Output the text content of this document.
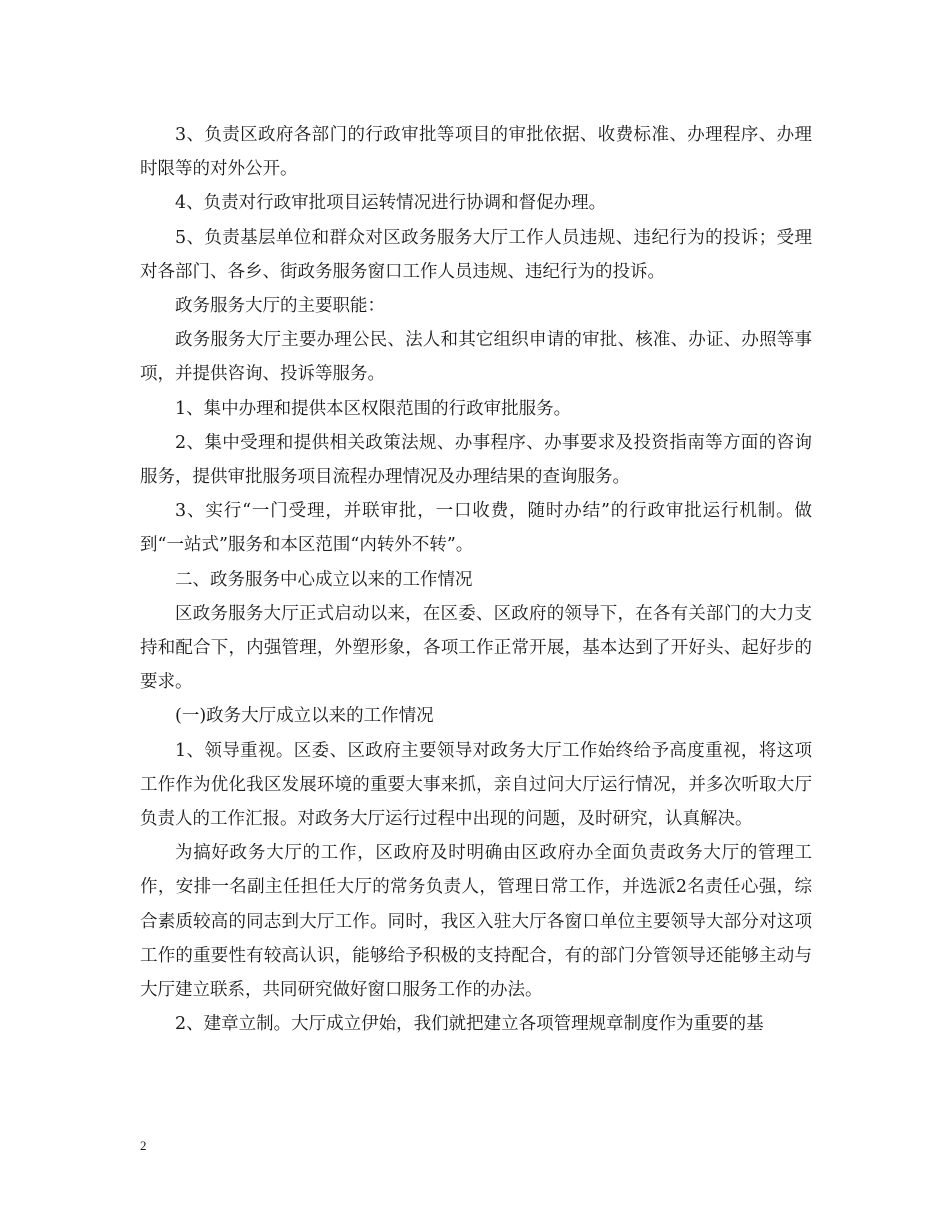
3、负责区政府各部门的行政审批等项目的审批依据、收费标准、办理程序、办理时限等的对外公开。

4、负责对行政审批项目运转情况进行协调和督促办理。

5、负责基层单位和群众对区政务服务大厅工作人员违规、违纪行为的投诉；受理对各部门、各乡、街政务服务窗口工作人员违规、违纪行为的投诉。

政务服务大厅的主要职能：

政务服务大厅主要办理公民、法人和其它组织申请的审批、核准、办证、办照等事项，并提供咨询、投诉等服务。

1、集中办理和提供本区权限范围的行政审批服务。

2、集中受理和提供相关政策法规、办事程序、办事要求及投资指南等方面的咨询服务，提供审批服务项目流程办理情况及办理结果的查询服务。

3、实行“一门受理，并联审批，一口收费，随时办结”的行政审批运行机制。做到“一站式”服务和本区范围“内转外不转”。

二、政务服务中心成立以来的工作情况

区政务服务大厅正式启动以来，在区委、区政府的领导下，在各有关部门的大力支持和配合下，内强管理，外塑形象，各项工作正常开展，基本达到了开好头、起好步的要求。

(一)政务大厅成立以来的工作情况

1、领导重视。区委、区政府主要领导对政务大厅工作始终给予高度重视，将这项工作作为优化我区发展环境的重要大事来抓，亲自过问大厅运行情况，并多次听取大厅负责人的工作汇报。对政务大厅运行过程中出现的问题，及时研究，认真解决。

为搞好政务大厅的工作，区政府及时明确由区政府办全面负责政务大厅的管理工作，安排一名副主任担任大厅的常务负责人，管理日常工作，并选派2名责任心强，综合素质较高的同志到大厅工作。同时，我区入驻大厅各窗口单位主要领导大部分对这项工作的重要性有较高认识，能够给予积极的支持配合，有的部门分管领导还能够主动与大厅建立联系，共同研究做好窗口服务工作的办法。

2、建章立制。大厅成立伊始，我们就把建立各项管理规章制度作为重要的基

2
